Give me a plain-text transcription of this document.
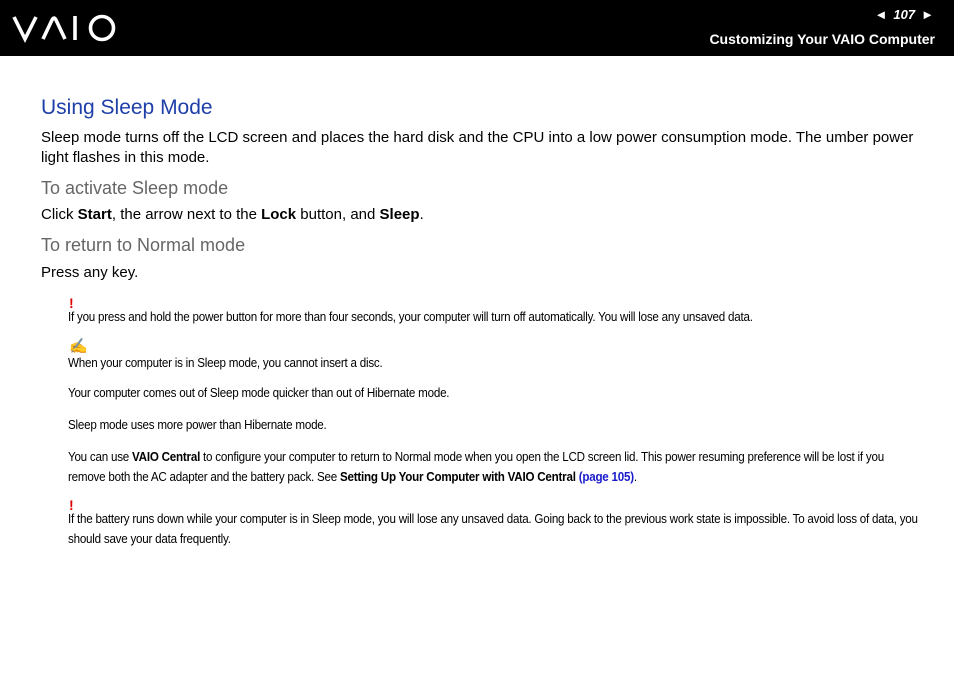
◄ 107 ►
Customizing Your VAIO Computer
Using Sleep Mode

Sleep mode turns off the LCD screen and places the hard disk and the CPU into a low power consumption mode. The umber power light flashes in this mode.

To activate Sleep mode

Click Start, the arrow next to the Lock button, and Sleep.

To return to Normal mode

Press any key.

!

If you press and hold the power button for more than four seconds, your computer will turn off automatically. You will lose any unsaved data.

✍

When your computer is in Sleep mode, you cannot insert a disc.

Your computer comes out of Sleep mode quicker than out of Hibernate mode.

Sleep mode uses more power than Hibernate mode.

You can use VAIO Central to configure your computer to return to Normal mode when you open the LCD screen lid. This power resuming preference will be lost if you remove both the AC adapter and the battery pack. See Setting Up Your Computer with VAIO Central (page 105).

!

If the battery runs down while your computer is in Sleep mode, you will lose any unsaved data. Going back to the previous work state is impossible. To avoid loss of data, you should save your data frequently.
